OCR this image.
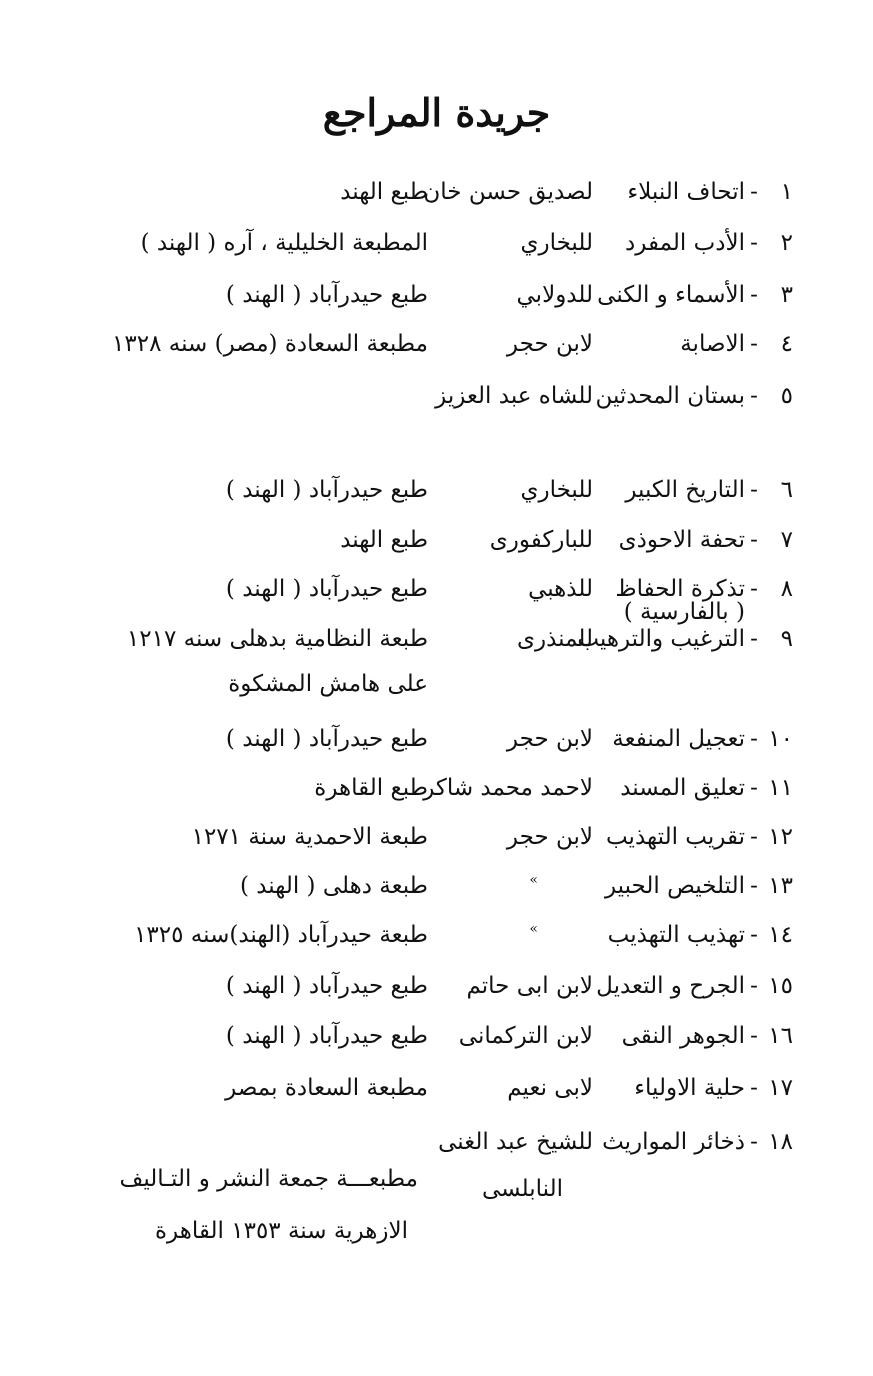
جريدة المراجع
١
-
اتحاف النبلاء
لصديق حسن خان
طبع الهند
٢
-
الأدب المفرد
للبخاري
المطبعة الخليلية ، آره ( الهند )
٣
-
الأسماء و الكنى
للدولابي
طبع حيدرآباد ( الهند )
٤
-
الاصابة
لابن حجر
مطبعة السعادة (مصر) سنه ١٣٢٨
٥
-
بستان المحدثين
للشاه عبد العزيز
( بالفارسية )
٦
-
التاريخ الكبير
للبخاري
طبع حيدرآباد ( الهند )
٧
-
تحفة الاحوذى
للباركفورى
طبع الهند
٨
-
تذكرة الحفاظ
للذهبي
طبع حيدرآباد ( الهند )
٩
-
الترغيب والترهيب
للمنذرى
طبعة النظامية بدهلى سنه ١٢١٧
على هامش المشكوة
١٠
-
تعجيل المنفعة
لابن حجر
طبع حيدرآباد ( الهند )
١١
-
تعليق المسند
لاحمد محمد شاكر
طبع القاهرة
١٢
-
تقريب التهذيب
لابن حجر
طبعة الاحمدية سنة ١٢٧١
١٣
-
التلخيص الحبير
»
طبعة دهلى ( الهند )
١٤
-
تهذيب التهذيب
»
طبعة حيدرآباد (الهند)سنه ١٣٢٥
١٥
-
الجرح و التعديل
لابن ابى حاتم
طبع حيدرآباد ( الهند )
١٦
-
الجوهر النقى
لابن التركمانى
طبع حيدرآباد ( الهند )
١٧
-
حلية الاولياء
لابى نعيم
مطبعة السعادة بمصر
١٨
-
ذخائر المواريث
للشيخ عبد الغنى
النابلسى
مطبعـــة جمعة النشر و التـاليف
الازهرية سنة ١٣٥٣ القاهرة
